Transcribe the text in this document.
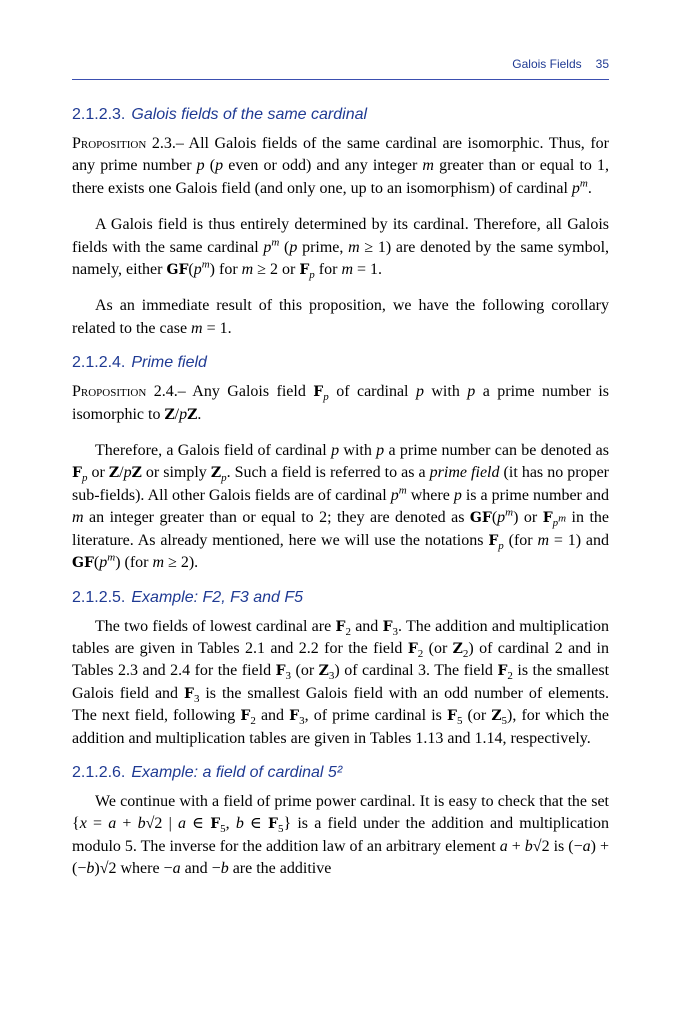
Galois Fields 35
2.1.2.3. Galois fields of the same cardinal

Proposition 2.3.– All Galois fields of the same cardinal are isomorphic. Thus, for any prime number p (p even or odd) and any integer m greater than or equal to 1, there exists one Galois field (and only one, up to an isomorphism) of cardinal $p^m$.

A Galois field is thus entirely determined by its cardinal. Therefore, all Galois fields with the same cardinal $p^m$ (p prime, m ≥ 1) are denoted by the same symbol, namely, either $GF(p^m)$ for m ≥ 2 or $F_p$ for m = 1.

As an immediate result of this proposition, we have the following corollary related to the case m = 1.

2.1.2.4. Prime field

Proposition 2.4.– Any Galois field $F_p$ of cardinal p with p a prime number is isomorphic to Z/pZ.

Therefore, a Galois field of cardinal p with p a prime number can be denoted as $F_p$ or Z/pZ or simply $Z_p$. Such a field is referred to as a prime field (it has no proper sub-fields). All other Galois fields are of cardinal $p^m$ where p is a prime number and m an integer greater than or equal to 2; they are denoted as $GF(p^m)$ or $F_{p^m}$ in the literature. As already mentioned, here we will use the notations $F_p$ (for m = 1) and $GF(p^m)$ (for m ≥ 2).

2.1.2.5. Example: F2, F3 and F5

The two fields of lowest cardinal are $F_2$ and $F_3$. The addition and multiplication tables are given in Tables 2.1 and 2.2 for the field $F_2$ (or $Z_2$) of cardinal 2 and in Tables 2.3 and 2.4 for the field $F_3$ (or $Z_3$) of cardinal 3. The field $F_2$ is the smallest Galois field and $F_3$ is the smallest Galois field with an odd number of elements. The next field, following $F_2$ and $F_3$, of prime cardinal is $F_5$ (or $Z_5$), for which the addition and multiplication tables are given in Tables 1.13 and 1.14, respectively.

2.1.2.6. Example: a field of cardinal 5²

We continue with a field of prime power cardinal. It is easy to check that the set {x = a + b√2 | a ∈ $F_5$, b ∈ $F_5$} is a field under the addition and multiplication modulo 5. The inverse for the addition law of an arbitrary element a + b√2 is (−a) + (−b)√2 where −a and −b are the additive
